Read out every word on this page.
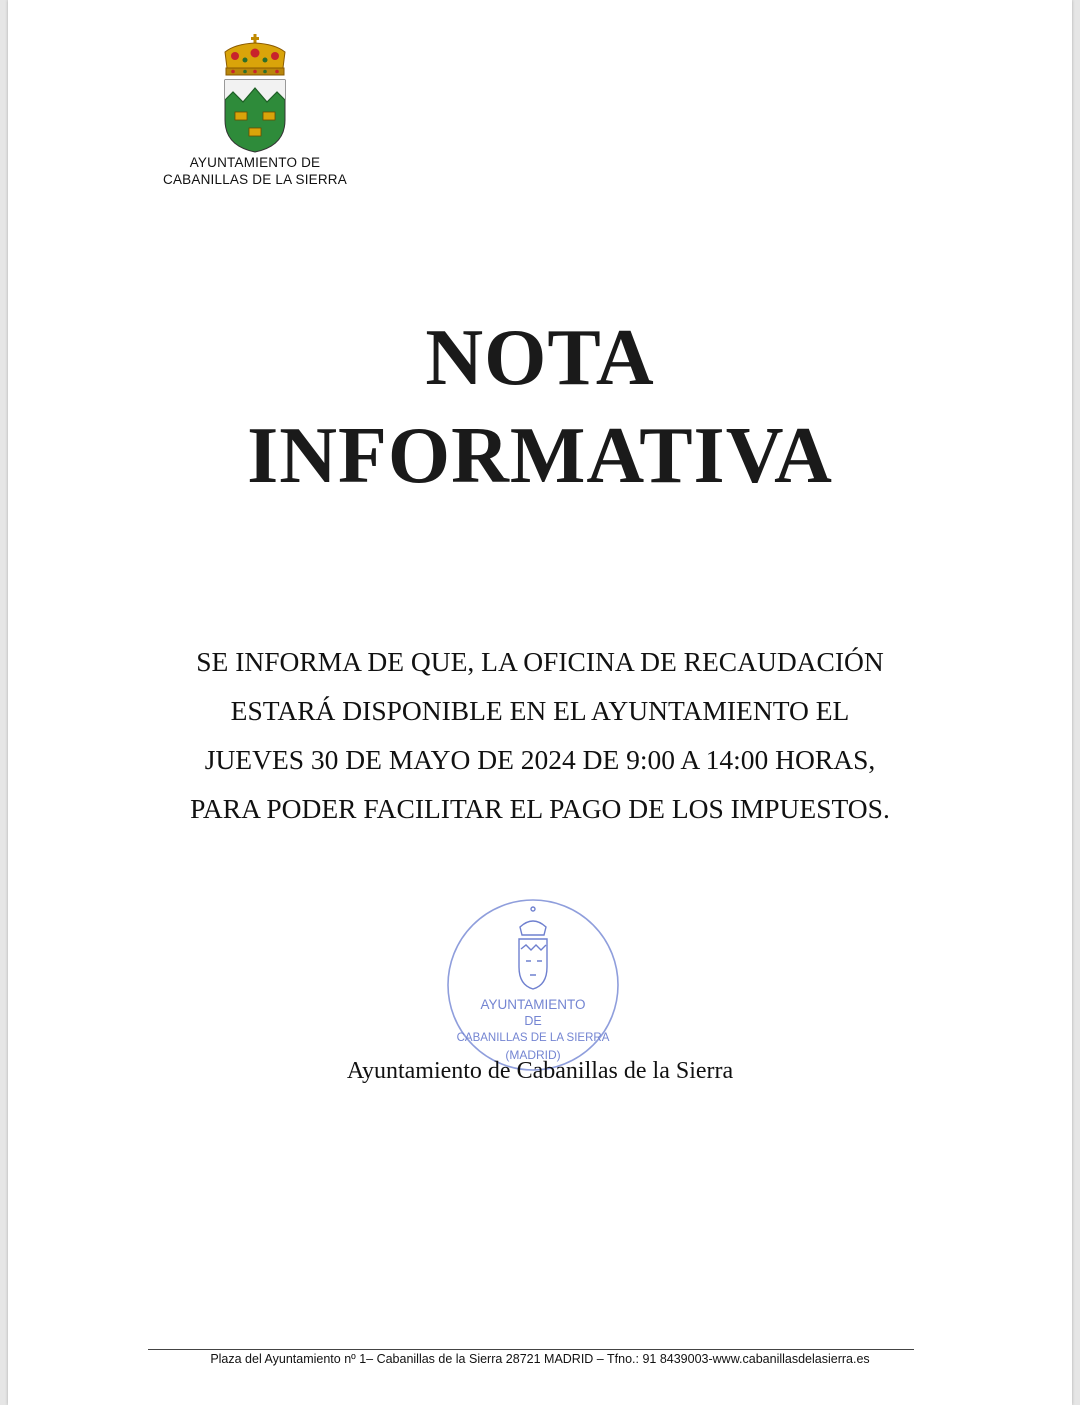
AYUNTAMIENTO DE
CABANILLAS DE LA SIERRA
NOTA
INFORMATIVA
SE INFORMA DE QUE, LA OFICINA DE RECAUDACIÓN
ESTARÁ DISPONIBLE EN EL AYUNTAMIENTO EL
JUEVES 30 DE MAYO DE 2024 DE 9:00 A 14:00 HORAS,
PARA PODER FACILITAR EL PAGO DE LOS IMPUESTOS.
AYUNTAMIENTO
DE
CABANILLAS DE LA SIERRA
(MADRID)
Ayuntamiento de Cabanillas de la Sierra
Plaza del Ayuntamiento nº 1– Cabanillas de la Sierra 28721 MADRID – Tfno.: 91 8439003-www.cabanillasdelasierra.es
